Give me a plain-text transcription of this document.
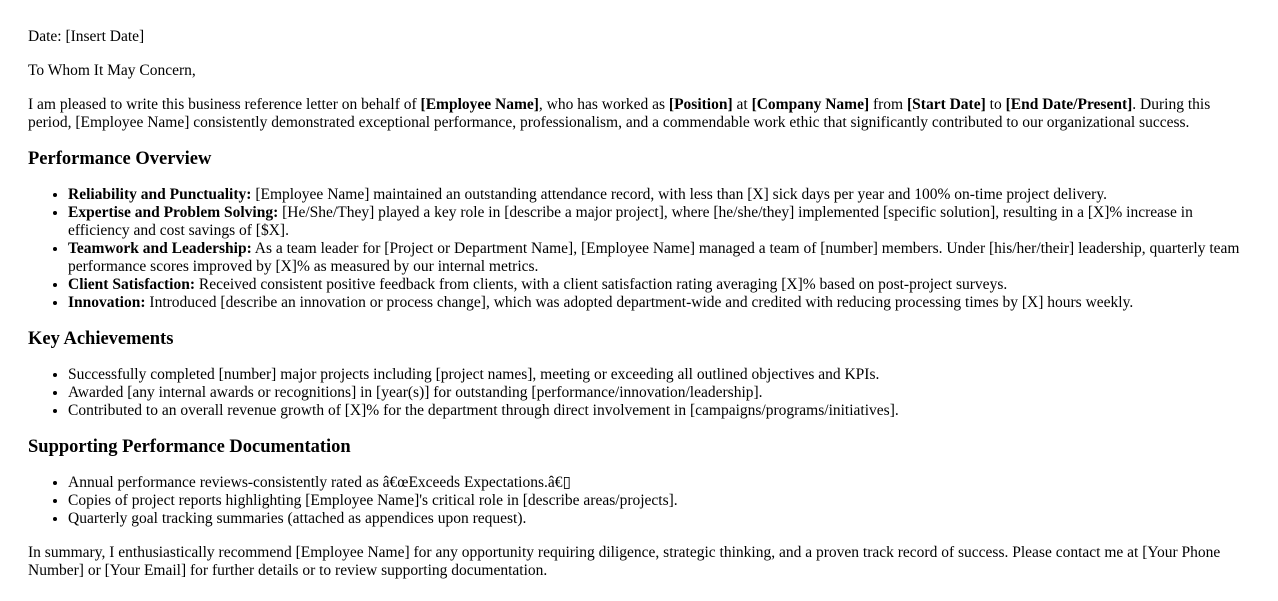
Date: [Insert Date]

To Whom It May Concern,

I am pleased to write this business reference letter on behalf of [Employee Name], who has worked as [Position] at [Company Name] from [Start Date] to [End Date/Present]. During this period, [Employee Name] consistently demonstrated exceptional performance, professionalism, and a commendable work ethic that significantly contributed to our organizational success.

Performance Overview
• Reliability and Punctuality: [Employee Name] maintained an outstanding attendance record, with less than [X] sick days per year and 100% on-time project delivery.
• Expertise and Problem Solving: [He/She/They] played a key role in [describe a major project], where [he/she/they] implemented [specific solution], resulting in a [X]% increase in efficiency and cost savings of [$X].
• Teamwork and Leadership: As a team leader for [Project or Department Name], [Employee Name] managed a team of [number] members. Under [his/her/their] leadership, quarterly team performance scores improved by [X]% as measured by our internal metrics.
• Client Satisfaction: Received consistent positive feedback from clients, with a client satisfaction rating averaging [X]% based on post-project surveys.
• Innovation: Introduced [describe an innovation or process change], which was adopted department-wide and credited with reducing processing times by [X] hours weekly.
Key Achievements
• Successfully completed [number] major projects including [project names], meeting or exceeding all outlined objectives and KPIs.
• Awarded [any internal awards or recognitions] in [year(s)] for outstanding [performance/innovation/leadership].
• Contributed to an overall revenue growth of [X]% for the department through direct involvement in [campaigns/programs/initiatives].
Supporting Performance Documentation
• Annual performance reviews-consistently rated as â€œExceeds Expectations.â€▯
• Copies of project reports highlighting [Employee Name]'s critical role in [describe areas/projects].
• Quarterly goal tracking summaries (attached as appendices upon request).

In summary, I enthusiastically recommend [Employee Name] for any opportunity requiring diligence, strategic thinking, and a proven track record of success. Please contact me at [Your Phone Number] or [Your Email] for further details or to review supporting documentation.
